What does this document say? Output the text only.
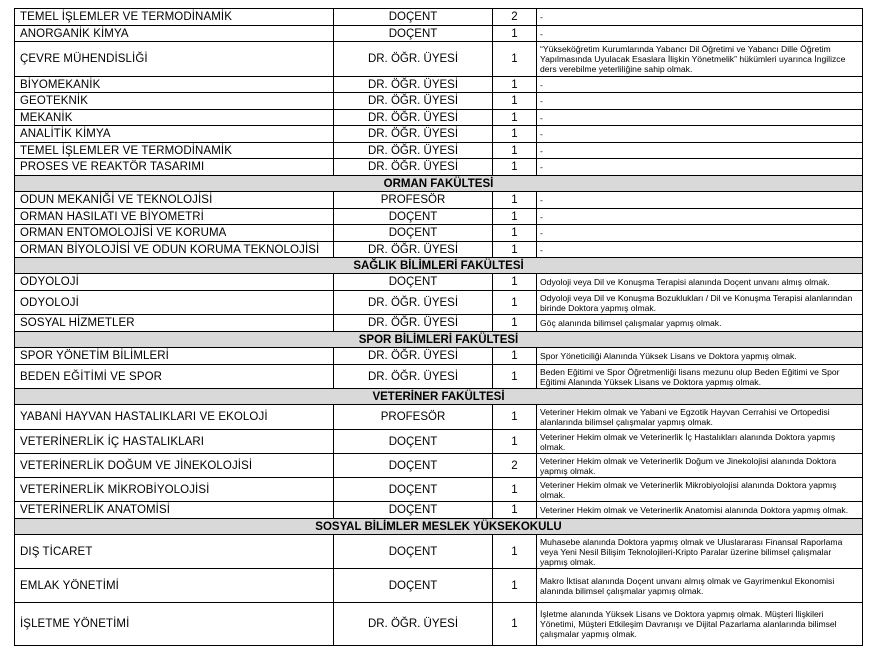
TEMEL İŞLEMLER VE TERMODİNAMİK	DOÇENT	2	-
ANORGANİK KİMYA	DOÇENT	1	-
ÇEVRE MÜHENDİSLİĞİ	DR. ÖĞR. ÜYESİ	1	“Yükseköğretim Kurumlarında Yabancı Dil Öğretimi ve Yabancı Dille Öğretim Yapılmasında Uyulacak Esaslara İlişkin Yönetmelik” hükümleri uyarınca İngilizce ders verebilme yeterliliğine sahip olmak.
BİYOMEKANİK	DR. ÖĞR. ÜYESİ	1	-
GEOTEKNİK	DR. ÖĞR. ÜYESİ	1	-
MEKANİK	DR. ÖĞR. ÜYESİ	1	-
ANALİTİK KİMYA	DR. ÖĞR. ÜYESİ	1	-
TEMEL İŞLEMLER VE TERMODİNAMİK	DR. ÖĞR. ÜYESİ	1	-
PROSES VE REAKTÖR TASARIMI	DR. ÖĞR. ÜYESİ	1	-
ORMAN FAKÜLTESİ			
ODUN MEKANİĞİ VE TEKNOLOJİSİ	PROFESÖR	1	-
ORMAN HASILATI VE BİYOMETRİ	DOÇENT	1	-
ORMAN ENTOMOLOJİSİ VE KORUMA	DOÇENT	1	-
ORMAN BİYOLOJİSİ VE ODUN KORUMA TEKNOLOJİSİ	DR. ÖĞR. ÜYESİ	1	-
SAĞLIK BİLİMLERİ FAKÜLTESİ			
ODYOLOJİ	DOÇENT	1	Odyoloji veya Dil ve Konuşma Terapisi alanında Doçent unvanı almış olmak.
ODYOLOJİ	DR. ÖĞR. ÜYESİ	1	Odyoloji veya Dil ve Konuşma Bozuklukları / Dil ve Konuşma Terapisi alanlarından birinde Doktora yapmış olmak.
SOSYAL HİZMETLER	DR. ÖĞR. ÜYESİ	1	Göç alanında bilimsel çalışmalar yapmış olmak.
SPOR BİLİMLERİ FAKÜLTESİ			
SPOR YÖNETİM BİLİMLERİ	DR. ÖĞR. ÜYESİ	1	Spor Yöneticiliği Alanında Yüksek Lisans ve Doktora yapmış olmak.
BEDEN EĞİTİMİ VE SPOR	DR. ÖĞR. ÜYESİ	1	Beden Eğitimi ve Spor Öğretmenliği lisans mezunu olup Beden Eğitimi ve Spor Eğitimi Alanında Yüksek Lisans ve Doktora yapmış olmak.
VETERİNER FAKÜLTESİ			
YABANİ HAYVAN HASTALIKLARI VE EKOLOJİ	PROFESÖR	1	Veteriner Hekim olmak ve Yabani ve Egzotik Hayvan Cerrahisi ve Ortopedisi alanlarında bilimsel çalışmalar yapmış olmak.
VETERİNERLİK İÇ HASTALIKLARI	DOÇENT	1	Veteriner Hekim olmak ve Veterinerlik İç Hastalıkları alanında Doktora yapmış olmak.
VETERİNERLİK DOĞUM VE JİNEKOLOJİSİ	DOÇENT	2	Veteriner Hekim olmak ve Veterinerlik Doğum ve Jinekolojisi alanında Doktora yapmış olmak.
VETERİNERLİK MİKROBİYOLOJİSİ	DOÇENT	1	Veteriner Hekim olmak ve Veterinerlik Mikrobiyolojisi alanında Doktora yapmış olmak.
VETERİNERLİK ANATOMİSİ	DOÇENT	1	Veteriner Hekim olmak ve Veterinerlik Anatomisi alanında Doktora yapmış olmak.
SOSYAL BİLİMLER MESLEK YÜKSEKOKULU			
DIŞ TİCARET	DOÇENT	1	Muhasebe alanında Doktora yapmış olmak ve Uluslararası Finansal Raporlama veya Yeni Nesil Bilişim Teknolojileri-Kripto Paralar üzerine bilimsel çalışmalar yapmış olmak.
EMLAK YÖNETİMİ	DOÇENT	1	Makro İktisat alanında Doçent unvanı almış olmak ve Gayrimenkul Ekonomisi alanında bilimsel çalışmalar yapmış olmak.
İŞLETME YÖNETİMİ	DR. ÖĞR. ÜYESİ	1	İşletme alanında Yüksek Lisans ve Doktora yapmış olmak. Müşteri İlişkileri Yönetimi, Müşteri Etkileşim Davranışı ve Dijital Pazarlama alanlarında bilimsel çalışmalar yapmış olmak.
